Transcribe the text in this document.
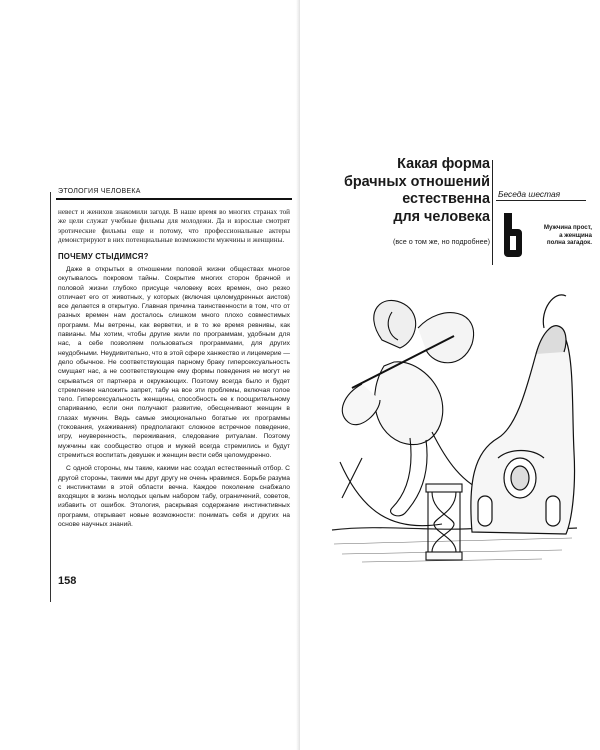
ЭТОЛОГИЯ ЧЕЛОВЕКА

невест и женихов знакомили загодя. В наше время во многих странах той же цели служат учебные фильмы для молодежи. Да и взрослые смотрят эротические фильмы еще и потому, что профессиональные актеры демонстрируют в них потенциальные возможности мужчины и женщины.

ПОЧЕМУ СТЫДИМСЯ?

Даже в открытых в отношении половой жизни обществах многое окутывалось покровом тайны. Сокрытие многих сторон брачной и половой жизни глубоко присуще человеку всех времен, оно резко отличает его от животных, у которых (включая целомудренных аистов) все делается в открытую. Главная причина таинственности в том, что от разных времен нам досталось слишком много плохо совместимых программ. Мы ветрены, как верветки, и в то же время ревнивы, как павианы. Мы хотим, чтобы другие жили по программам, удобным для нас, а себе позволяем пользоваться программами, для других неудобными. Неудивительно, что в этой сфере ханжество и лицемерие — дело обычное. Не соответствующая парному браку гиперсексуальность смущает нас, а не соответствующие ему формы поведения не могут не скрываться от партнера и окружающих. Поэтому всегда было и будет стремление наложить запрет, табу на все эти проблемы, включая голое тело. Гиперсексуальность женщины, способность ее к поощрительному спариванию, если они получают развитие, обесценивают женщин в глазах мужчин. Ведь самые эмоционально богатые их программы (токования, ухаживания) предполагают сложное встречное поведение, игру, неуверенность, переживания, следование ритуалам. Поэтому мужчины как сообщество отцов и мужей всегда стремились и будут стремиться воспитать девушек и женщин вести себя целомудренно.

С одной стороны, мы такие, какими нас создал естественный отбор. С другой стороны, такими мы друг другу не очень нравимся. Борьбе разума с инстинктами в этой области вечна. Каждое поколение снабжало входящих в жизнь молодых целым набором табу, ограничений, советов, избавить от ошибок. Этология, раскрывая содержание инстинктивных программ, открывает новые возможности: понимать себя и других на основе научных знаний.

158
Какая форма
брачных отношений
естественна
для человека
(все о том же, но подробнее)
Беседа шестая
6
Мужчина прост,
а женщина
полна загадок.
